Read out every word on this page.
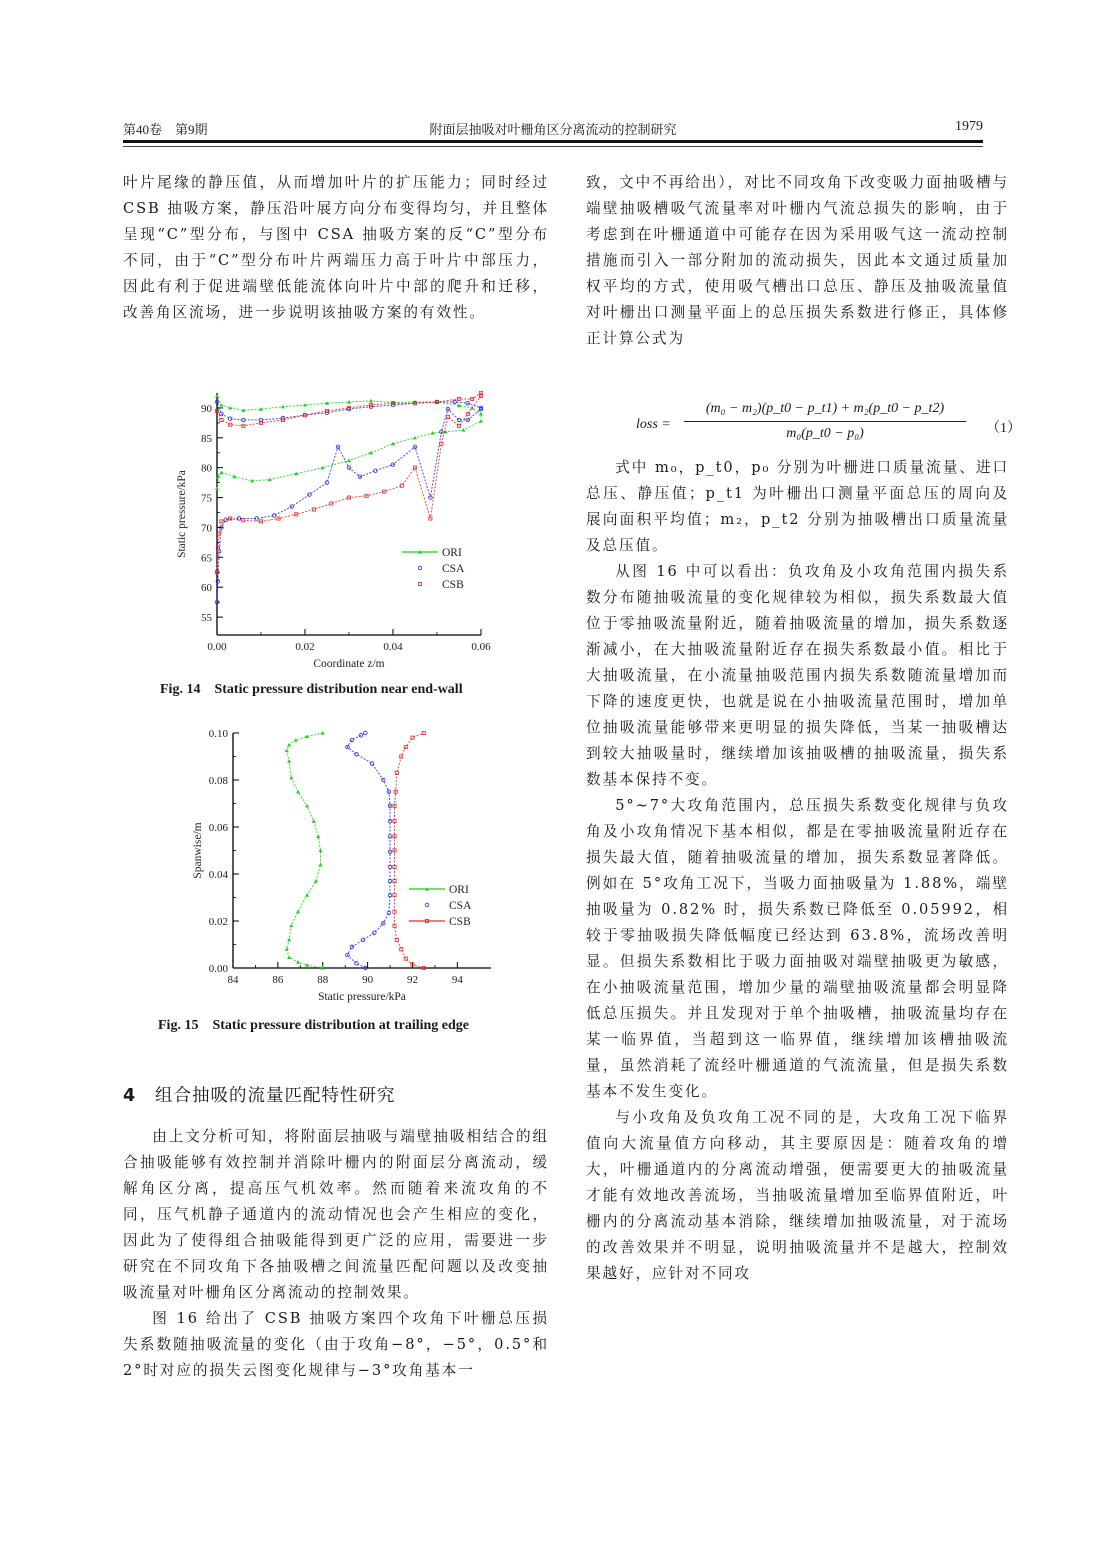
第40卷　第9期	附面层抽吸对叶栅角区分离流动的控制研究	1979

叶片尾缘的静压值，从而增加叶片的扩压能力；同时经过 CSB 抽吸方案，静压沿叶展方向分布变得均匀，并且整体呈现“C”型分布，与图中 CSA 抽吸方案的反“C”型分布不同，由于“C”型分布叶片两端压力高于叶片中部压力，因此有利于促进端壁低能流体向叶片中部的爬升和迁移，改善角区流场，进一步说明该抽吸方案的有效性。

0.00	0.02	0.04	0.06
55
60
65
70
75
80
85
90
Coordinate z/m
Static pressure/kPa	ORI
CSA
CSB
Fig. 14 Static pressure distribution near end-wall
84	86	88	90	92	94
0.00
0.02
0.04
0.06
0.08
0.10
Static pressure/kPa
Spanwise/m
ORI
CSA
CSB
Fig. 15 Static pressure distribution at trailing edge
4 组合抽吸的流量匹配特性研究

由上文分析可知，将附面层抽吸与端壁抽吸相结合的组合抽吸能够有效控制并消除叶栅内的附面层分离流动，缓解角区分离，提高压气机效率。然而随着来流攻角的不同，压气机静子通道内的流动情况也会产生相应的变化，因此为了使得组合抽吸能得到更广泛的应用，需要进一步研究在不同攻角下各抽吸槽之间流量匹配问题以及改变抽吸流量对叶栅角区分离流动的控制效果。

图 16 给出了 CSB 抽吸方案四个攻角下叶栅总压损失系数随抽吸流量的变化（由于攻角−8°，−5°，0.5°和 2°时对应的损失云图变化规律与−3°攻角基本一

致，文中不再给出），对比不同攻角下改变吸力面抽吸槽与端壁抽吸槽吸气流量率对叶栅内气流总损失的影响，由于考虑到在叶栅通道中可能存在因为采用吸气这一流动控制措施而引入一部分附加的流动损失，因此本文通过质量加权平均的方式，使用吸气槽出口总压、静压及抽吸流量值对叶栅出口测量平面上的总压损失系数进行修正，具体修正计算公式为

loss =
(m₀ − m₂)(p_t0 − p_t1) + m₂(p_t0 − p_t2)
m₀(p_t0 − p₀)	（1）

式中 m₀，p_t0，p₀ 分别为叶栅进口质量流量、进口总压、静压值；p_t1 为叶栅出口测量平面总压的周向及展向面积平均值；m₂，p_t2 分别为抽吸槽出口质量流量及总压值。

从图 16 中可以看出：负攻角及小攻角范围内损失系数分布随抽吸流量的变化规律较为相似，损失系数最大值位于零抽吸流量附近，随着抽吸流量的增加，损失系数逐渐减小，在大抽吸流量附近存在损失系数最小值。相比于大抽吸流量，在小流量抽吸范围内损失系数随流量增加而下降的速度更快，也就是说在小抽吸流量范围时，增加单位抽吸流量能够带来更明显的损失降低，当某一抽吸槽达到较大抽吸量时，继续增加该抽吸槽的抽吸流量，损失系数基本保持不变。

5°~7°大攻角范围内，总压损失系数变化规律与负攻角及小攻角情况下基本相似，都是在零抽吸流量附近存在损失最大值，随着抽吸流量的增加，损失系数显著降低。例如在 5°攻角工况下，当吸力面抽吸量为 1.88%，端壁抽吸量为 0.82% 时，损失系数已降低至 0.05992，相较于零抽吸损失降低幅度已经达到 63.8%，流场改善明显。但损失系数相比于吸力面抽吸对端壁抽吸更为敏感，在小抽吸流量范围，增加少量的端壁抽吸流量都会明显降低总压损失。并且发现对于单个抽吸槽，抽吸流量均存在某一临界值，当超到这一临界值，继续增加该槽抽吸流量，虽然消耗了流经叶栅通道的气流流量，但是损失系数基本不发生变化。

与小攻角及负攻角工况不同的是，大攻角工况下临界值向大流量值方向移动，其主要原因是：随着攻角的增大，叶栅通道内的分离流动增强，便需要更大的抽吸流量才能有效地改善流场，当抽吸流量增加至临界值附近，叶栅内的分离流动基本消除，继续增加抽吸流量，对于流场的改善效果并不明显，说明抽吸流量并不是越大，控制效果越好，应针对不同攻
